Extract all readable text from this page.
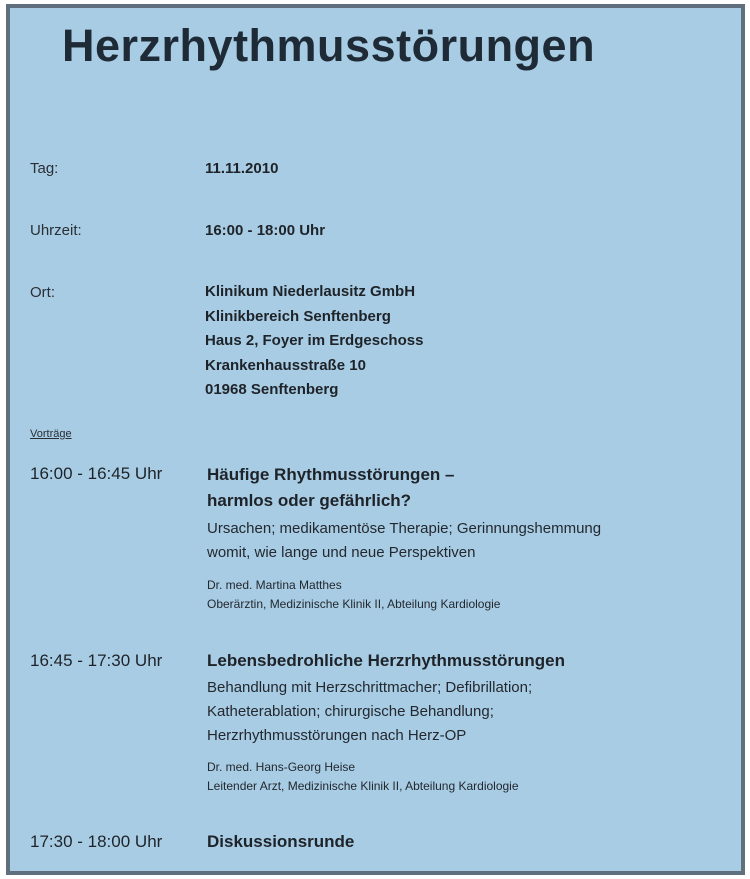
Herzrhythmusstörungen
Tag:	11.11.2010
Uhrzeit:	16:00 - 18:00 Uhr
Ort:	Klinikum Niederlausitz GmbH
Klinikbereich Senftenberg
Haus 2, Foyer im Erdgeschoss
Krankenhausstraße 10
01968 Senftenberg
Vorträge
16:00 - 16:45 Uhr	Häufige Rhythmusstörungen –
harmlos oder gefährlich?
Ursachen; medikamentöse Therapie; Gerinnungshemmung
womit, wie lange und neue Perspektiven
Dr. med. Martina Matthes
Oberärztin, Medizinische Klinik II, Abteilung Kardiologie
16:45 - 17:30 Uhr	Lebensbedrohliche Herzrhythmusstörungen
Behandlung mit Herzschrittmacher; Defibrillation;
Katheterablation; chirurgische Behandlung;
Herzrhythmusstörungen nach Herz-OP
Dr. med. Hans-Georg Heise
Leitender Arzt, Medizinische Klinik II, Abteilung Kardiologie
17:30 - 18:00 Uhr	Diskussionsrunde
